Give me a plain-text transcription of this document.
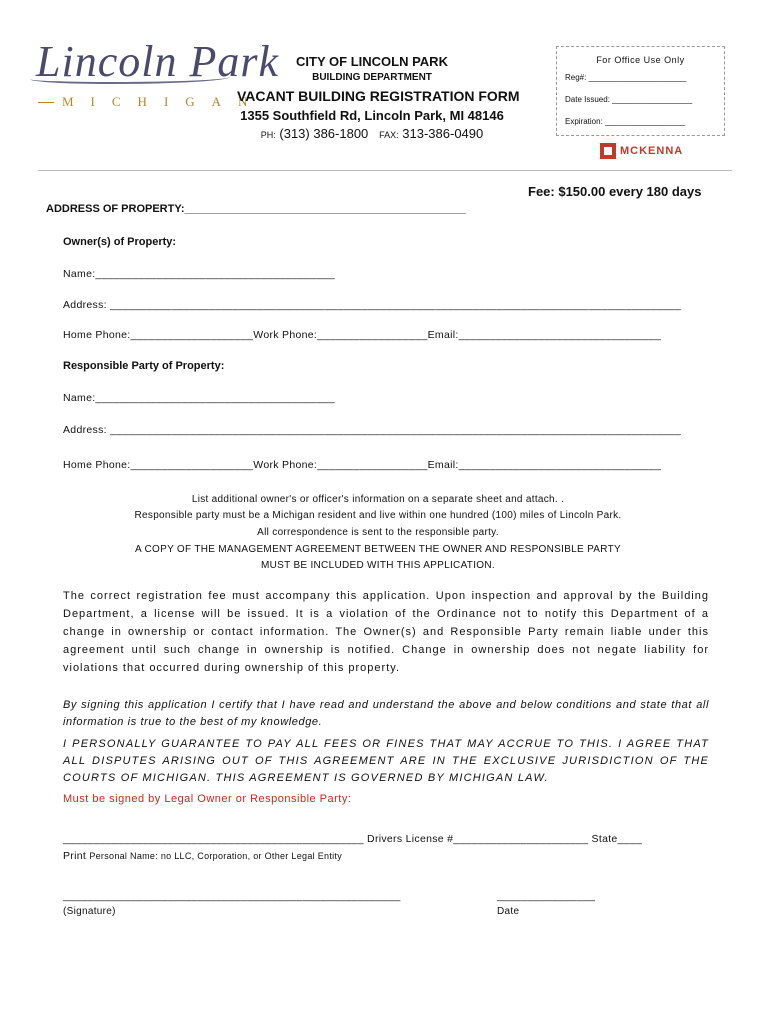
Lincoln Park
MICHIGAN
CITY OF LINCOLN PARK
BUILDING DEPARTMENT
VACANT BUILDING REGISTRATION FORM
1355 Southfield Rd, Lincoln Park, MI 48146
PH: (313) 386-1800 FAX: 313-386-0490
For Office Use Only
Reg#: ______________________
Date Issued: __________________
Expiration: __________________
MCKENNA
Fee: $150.00 every 180 days
ADDRESS OF PROPERTY:______________________________________________
Owner(s) of Property:
Name:_______________________________________
Address: _____________________________________________________________________________________________
Home Phone:____________________Work Phone:__________________Email:_________________________________
Responsible Party of Property:
Name:_______________________________________
Address: _____________________________________________________________________________________________
Home Phone:____________________Work Phone:__________________Email:_________________________________
List additional owner's or officer's information on a separate sheet and attach. .
Responsible party must be a Michigan resident and live within one hundred (100) miles of Lincoln Park.
All correspondence is sent to the responsible party.
A COPY OF THE MANAGEMENT AGREEMENT BETWEEN THE OWNER AND RESPONSIBLE PARTY
MUST BE INCLUDED WITH THIS APPLICATION.
The correct registration fee must accompany this application. Upon inspection and approval by the Building Department, a license will be issued. It is a violation of the Ordinance not to notify this Department of a change in ownership or contact information. The Owner(s) and Responsible Party remain liable under this agreement until such change in ownership is notified. Change in ownership does not negate liability for violations that occurred during ownership of this property.
By signing this application I certify that I have read and understand the above and below conditions and state that all information is true to the best of my knowledge.
I PERSONALLY GUARANTEE TO PAY ALL FEES OR FINES THAT MAY ACCRUE TO THIS. I AGREE THAT ALL DISPUTES ARISING OUT OF THIS AGREEMENT ARE IN THE EXCLUSIVE JURISDICTION OF THE COURTS OF MICHIGAN. THIS AGREEMENT IS GOVERNED BY MICHIGAN LAW.
Must be signed by Legal Owner or Responsible Party:
_________________________________________________ Drivers License #______________________ State____
Print Personal Name: no LLC, Corporation, or Other Legal Entity
_______________________________________________________
(Signature)
________________
Date
